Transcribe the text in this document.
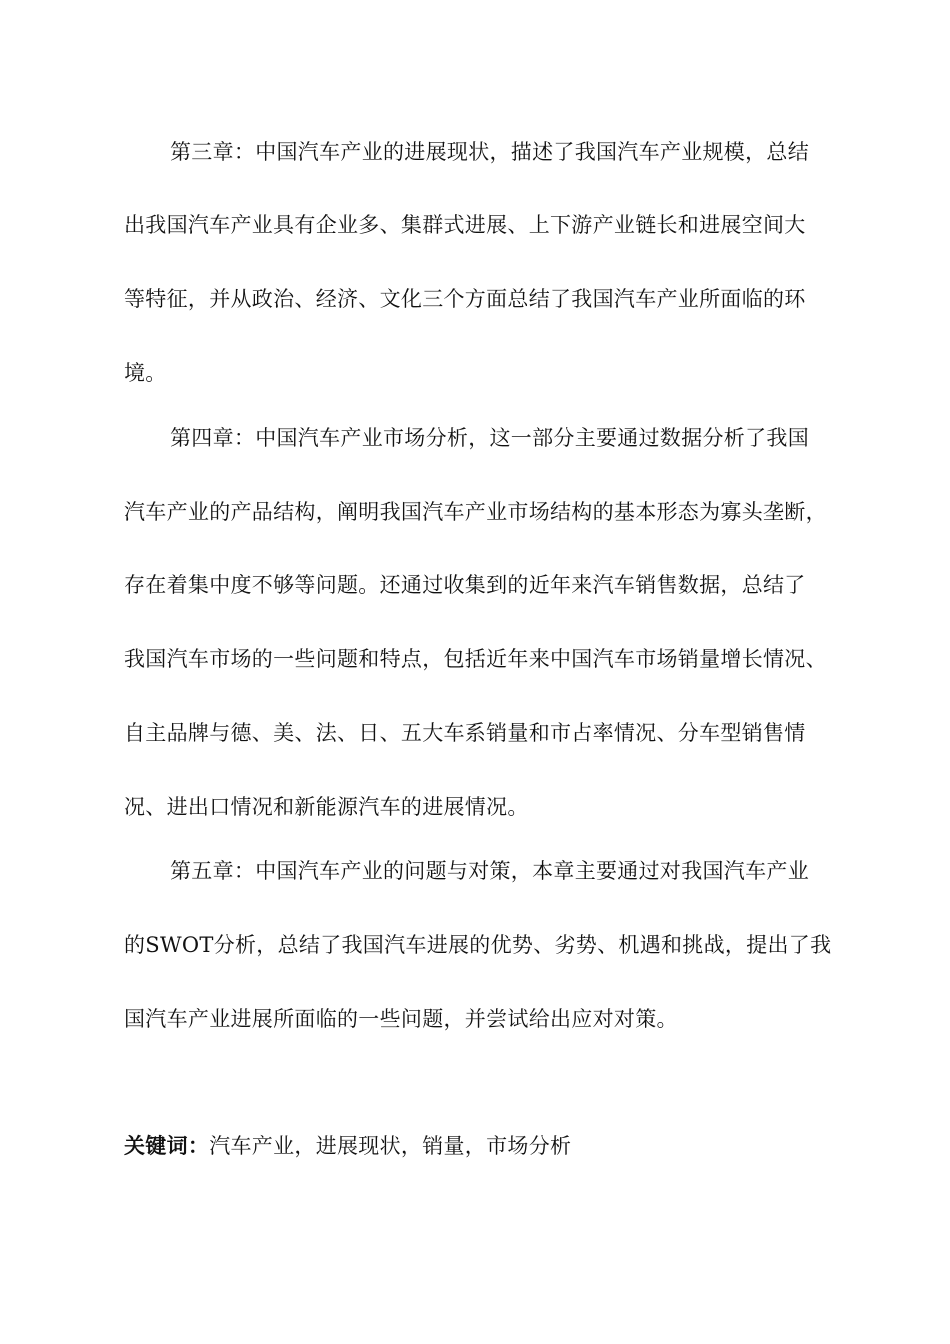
第三章：中国汽车产业的进展现状，描述了我国汽车产业规模，总结
出我国汽车产业具有企业多、集群式进展、上下游产业链长和进展空间大
等特征，并从政治、经济、文化三个方面总结了我国汽车产业所面临的环
境。
第四章：中国汽车产业市场分析，这一部分主要通过数据分析了我国
汽车产业的产品结构，阐明我国汽车产业市场结构的基本形态为寡头垄断，
存在着集中度不够等问题。还通过收集到的近年来汽车销售数据，总结了
我国汽车市场的一些问题和特点，包括近年来中国汽车市场销量增长情况、
自主品牌与德、美、法、日、五大车系销量和市占率情况、分车型销售情
况、进出口情况和新能源汽车的进展情况。
第五章：中国汽车产业的问题与对策，本章主要通过对我国汽车产业
的SWOT分析，总结了我国汽车进展的优势、劣势、机遇和挑战，提出了我
国汽车产业进展所面临的一些问题，并尝试给出应对对策。
关键词：汽车产业，进展现状，销量，市场分析
